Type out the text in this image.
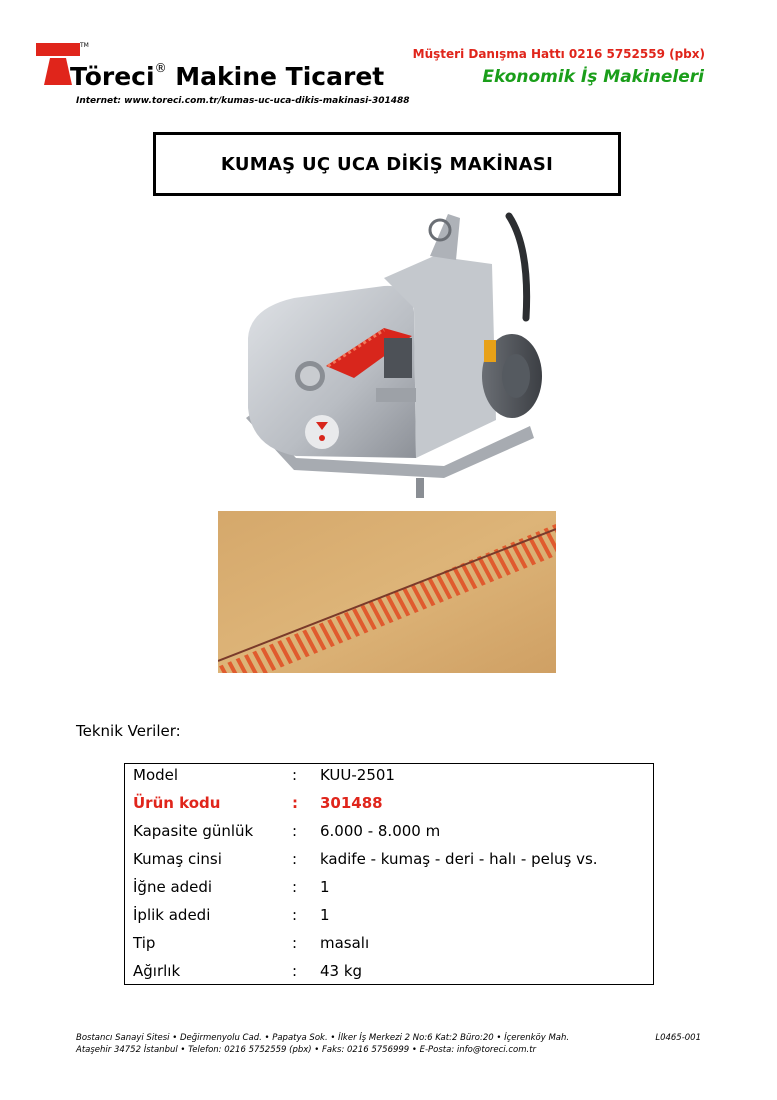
TM
Töreci® Makine Ticaret
Internet: www.toreci.com.tr/kumas-uc-uca-dikis-makinasi-301488
Müşteri Danışma Hattı 0216 5752559 (pbx)
Ekonomik İş Makineleri
KUMAŞ UÇ UCA DİKİŞ MAKİNASI
Teknik Veriler:
Model	: KUU-2501
Ürün kodu	: 301488
Kapasite günlük	: 6.000 - 8.000 m
Kumaş cinsi	: kadife - kumaş - deri - halı - peluş vs.
İğne adedi	: 1
İplik adedi	: 1
Tip	: masalı
Ağırlık	: 43 kg
Bostancı Sanayi Sitesi • Değirmenyolu Cad. • Papatya Sok. • İlker İş Merkezi 2 No:6 Kat:2 Büro:20 • İçerenköy Mah.
Ataşehir 34752 İstanbul • Telefon: 0216 5752559 (pbx) • Faks: 0216 5756999 • E-Posta: info@toreci.com.tr
L0465-001
